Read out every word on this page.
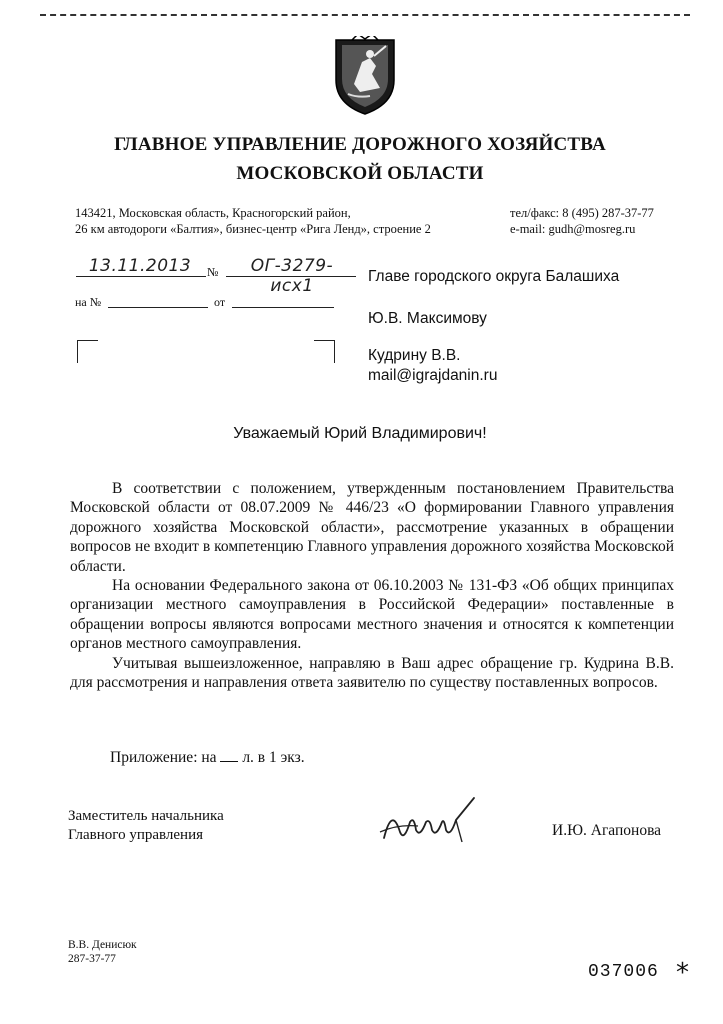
ГЛАВНОЕ УПРАВЛЕНИЕ ДОРОЖНОГО ХОЗЯЙСТВА
МОСКОВСКОЙ ОБЛАСТИ
143421, Московская область, Красногорский район,
26 км автодороги «Балтия», бизнес-центр «Рига Ленд», строение 2
тел/факс: 8 (495) 287-37-77
e-mail: gudh@mosreg.ru
13.11.2013	№	ОГ-3279-исх1
на №	от
Главе городского округа Балашиха
Ю.В. Максимову
Кудрину В.В.
mail@igrajdanin.ru
Уважаемый Юрий Владимирович!

В соответствии с положением, утвержденным постановлением Правительства Московской области от 08.07.2009 № 446/23 «О формировании Главного управления дорожного хозяйства Московской области», рассмотрение указанных в обращении вопросов не входит в компетенцию Главного управления дорожного хозяйства Московской области.

На основании Федерального закона от 06.10.2003 № 131-ФЗ «Об общих принципах организации местного самоуправления в Российской Федерации» поставленные в обращении вопросы являются вопросами местного значения и относятся к компетенции органов местного самоуправления.

Учитывая вышеизложенное, направляю в Ваш адрес обращение гр. Кудрина В.В. для рассмотрения и направления ответа заявителю по существу поставленных вопросов.

Приложение: на л. в 1 экз.
Заместитель начальника
Главного управления	И.Ю. Агапонова
В.В. Денисюк
287-37-77
037006 *
